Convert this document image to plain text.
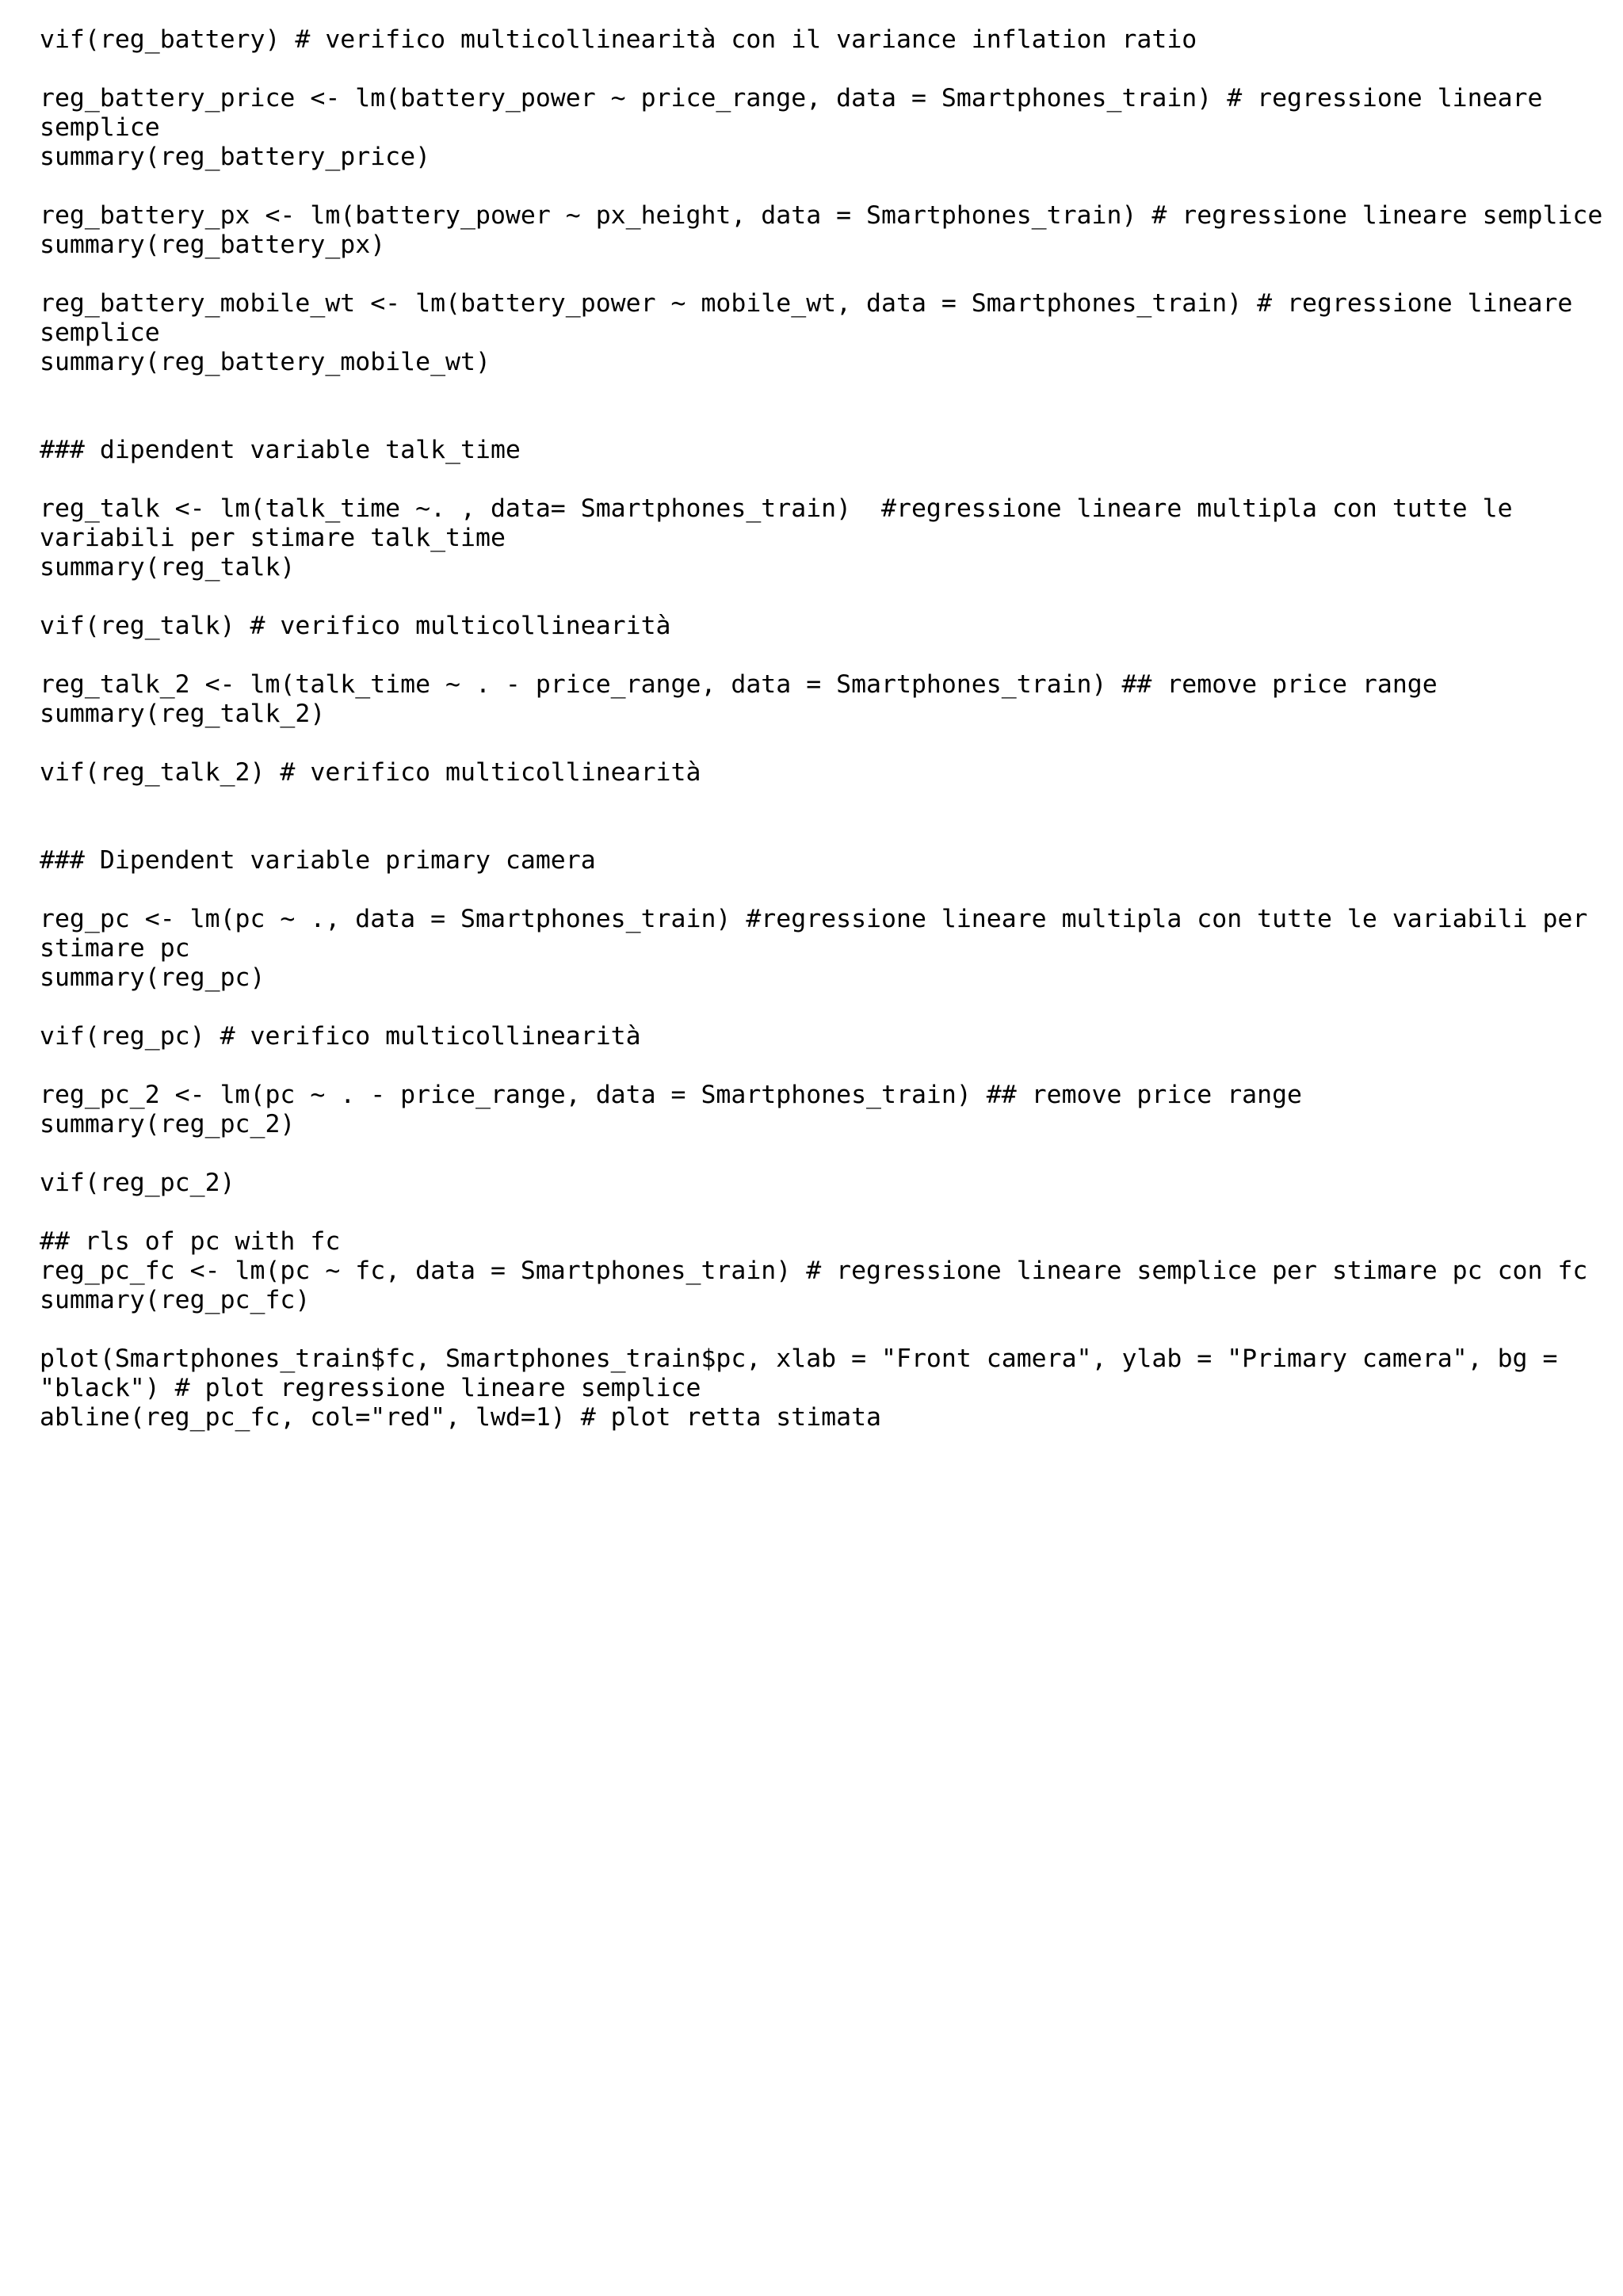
vif(reg_battery) # verifico multicollinearità con il variance inflation ratio
reg_battery_price <- lm(battery_power ~ price_range, data = Smartphones_train) # regressione lineare
semplice
summary(reg_battery_price)
reg_battery_px <- lm(battery_power ~ px_height, data = Smartphones_train) # regressione lineare semplice
summary(reg_battery_px)
reg_battery_mobile_wt <- lm(battery_power ~ mobile_wt, data = Smartphones_train) # regressione lineare
semplice
summary(reg_battery_mobile_wt)
### dipendent variable talk_time
reg_talk <- lm(talk_time ~. , data= Smartphones_train)  #regressione lineare multipla con tutte le
variabili per stimare talk_time
summary(reg_talk)
vif(reg_talk) # verifico multicollinearità
reg_talk_2 <- lm(talk_time ~ . - price_range, data = Smartphones_train) ## remove price range
summary(reg_talk_2)
vif(reg_talk_2) # verifico multicollinearità
### Dipendent variable primary camera
reg_pc <- lm(pc ~ ., data = Smartphones_train) #regressione lineare multipla con tutte le variabili per
stimare pc
summary(reg_pc)
vif(reg_pc) # verifico multicollinearità
reg_pc_2 <- lm(pc ~ . - price_range, data = Smartphones_train) ## remove price range
summary(reg_pc_2)
vif(reg_pc_2)
## rls of pc with fc
reg_pc_fc <- lm(pc ~ fc, data = Smartphones_train) # regressione lineare semplice per stimare pc con fc
summary(reg_pc_fc)
plot(Smartphones_train$fc, Smartphones_train$pc, xlab = "Front camera", ylab = "Primary camera", bg =
"black") # plot regressione lineare semplice
abline(reg_pc_fc, col="red", lwd=1) # plot retta stimata
